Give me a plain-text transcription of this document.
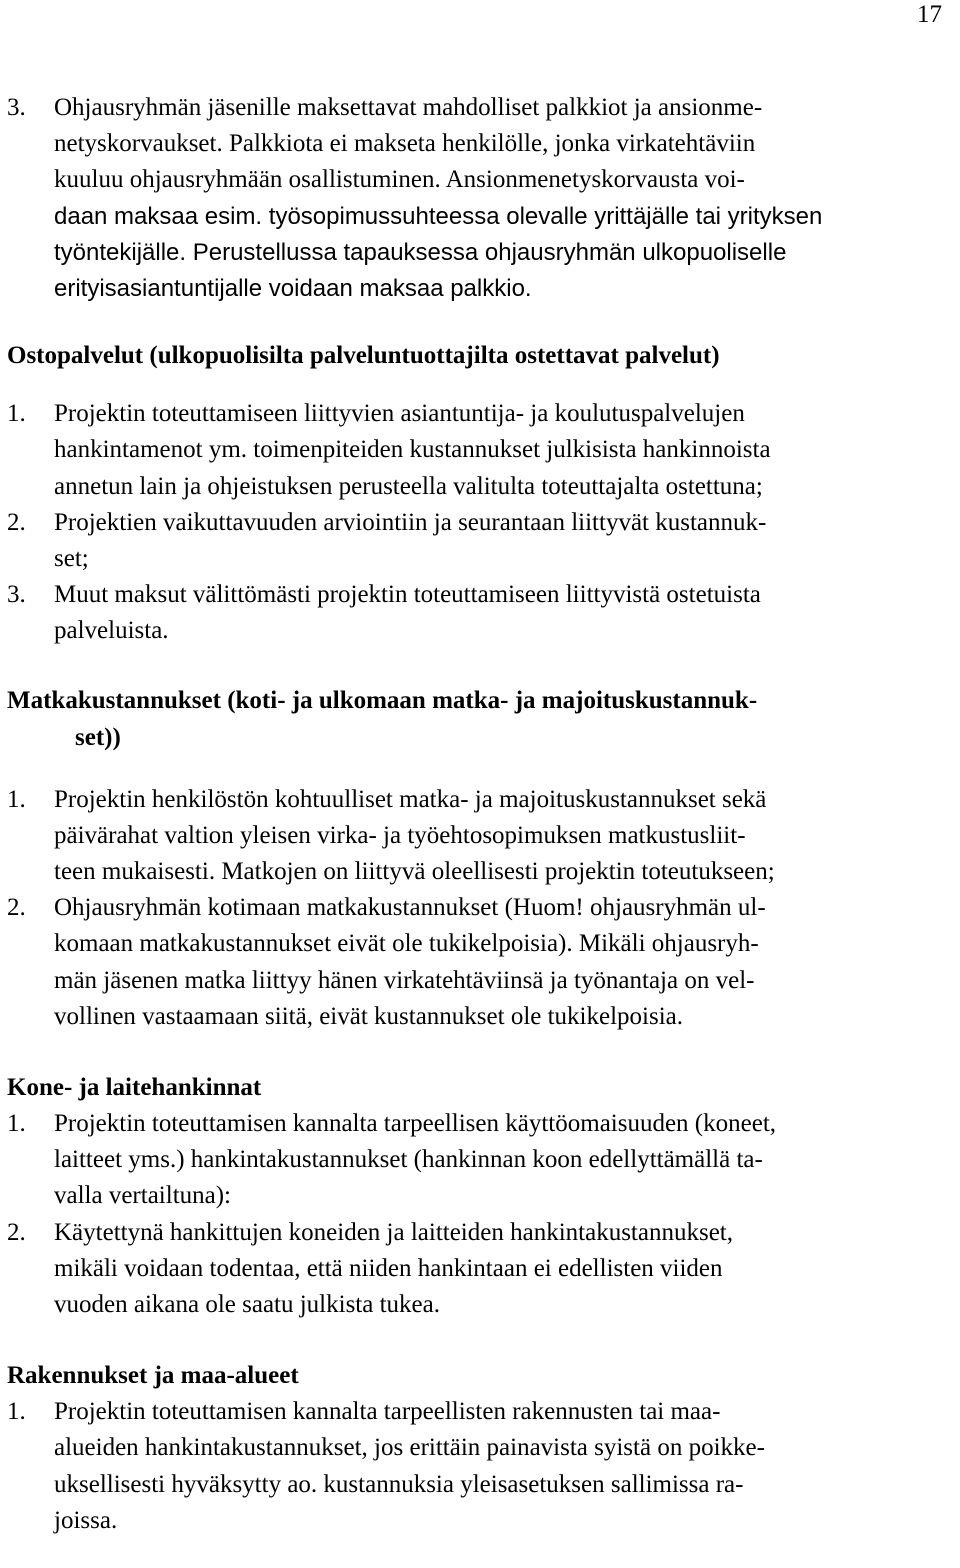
17
3. Ohjausryhmän jäsenille maksettavat mahdolliset palkkiot ja ansionme-
netyskorvaukset. Palkkiota ei makseta henkilölle, jonka virkatehtäviin
kuuluu ohjausryhmään osallistuminen. Ansionmenetyskorvausta voi-
daan maksaa esim. työsopimussuhteessa olevalle yrittäjälle tai yrityksen
työntekijälle. Perustellussa tapauksessa ohjausryhmän ulkopuoliselle
erityisasiantuntijalle voidaan maksaa palkkio.
Ostopalvelut (ulkopuolisilta palveluntuottajilta ostettavat palvelut)
1. Projektin toteuttamiseen liittyvien asiantuntija- ja koulutuspalvelujen
hankintamenot ym. toimenpiteiden kustannukset julkisista hankinnoista
annetun lain ja ohjeistuksen perusteella valitulta toteuttajalta ostettuna;
2. Projektien vaikuttavuuden arviointiin ja seurantaan liittyvät kustannuk-
set;
3. Muut maksut välittömästi projektin toteuttamiseen liittyvistä ostetuista
palveluista.
Matkakustannukset (koti- ja ulkomaan matka- ja majoituskustannuk-
set))
1. Projektin henkilöstön kohtuulliset matka- ja majoituskustannukset sekä
päivärahat valtion yleisen virka- ja työehtosopimuksen matkustusliit-
teen mukaisesti. Matkojen on liittyvä oleellisesti projektin toteutukseen;
2. Ohjausryhmän kotimaan matkakustannukset (Huom! ohjausryhmän ul-
komaan matkakustannukset eivät ole tukikelpoisia). Mikäli ohjausryh-
män jäsenen matka liittyy hänen virkatehtäviinsä ja työnantaja on vel-
vollinen vastaamaan siitä, eivät kustannukset ole tukikelpoisia.
Kone- ja laitehankinnat
1. Projektin toteuttamisen kannalta tarpeellisen käyttöomaisuuden (koneet,
laitteet yms.) hankintakustannukset (hankinnan koon edellyttämällä ta-
valla vertailtuna):
2. Käytettynä hankittujen koneiden ja laitteiden hankintakustannukset,
mikäli voidaan todentaa, että niiden hankintaan ei edellisten viiden
vuoden aikana ole saatu julkista tukea.
Rakennukset ja maa-alueet
1. Projektin toteuttamisen kannalta tarpeellisten rakennusten tai maa-
alueiden hankintakustannukset, jos erittäin painavista syistä on poikke-
uksellisesti hyväksytty ao. kustannuksia yleisasetuksen sallimissa ra-
joissa.
